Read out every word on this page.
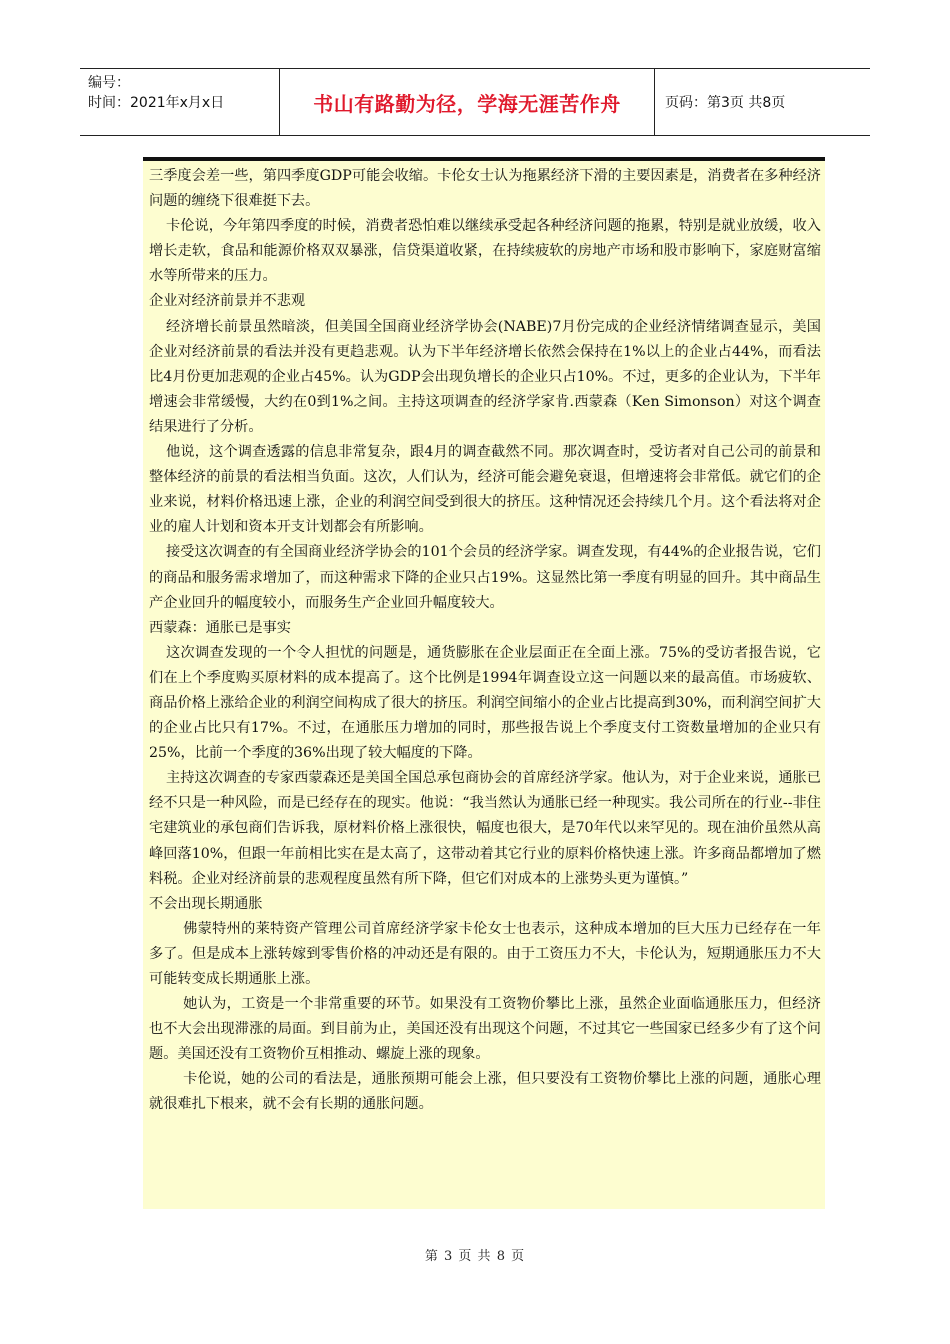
编号：
时间：2021年x月x日	书山有路勤为径，学海无涯苦作舟	页码：第3页 共8页

三季度会差一些，第四季度GDP可能会收缩。卡伦女士认为拖累经济下滑的主要因素是，消费者在多种经济问题的缠绕下很难挺下去。

卡伦说，今年第四季度的时候，消费者恐怕难以继续承受起各种经济问题的拖累，特别是就业放缓，收入增长走软，食品和能源价格双双暴涨，信贷渠道收紧，在持续疲软的房地产市场和股市影响下，家庭财富缩水等所带来的压力。

企业对经济前景并不悲观

经济增长前景虽然暗淡，但美国全国商业经济学协会(NABE)7月份完成的企业经济情绪调查显示，美国企业对经济前景的看法并没有更趋悲观。认为下半年经济增长依然会保持在1%以上的企业占44%，而看法比4月份更加悲观的企业占45%。认为GDP会出现负增长的企业只占10%。不过，更多的企业认为，下半年增速会非常缓慢，大约在0到1%之间。主持这项调查的经济学家肯.西蒙森（Ken Simonson）对这个调查结果进行了分析。

他说，这个调查透露的信息非常复杂，跟4月的调查截然不同。那次调查时，受访者对自己公司的前景和整体经济的前景的看法相当负面。这次，人们认为，经济可能会避免衰退，但增速将会非常低。就它们的企业来说，材料价格迅速上涨，企业的利润空间受到很大的挤压。这种情况还会持续几个月。这个看法将对企业的雇人计划和资本开支计划都会有所影响。

接受这次调查的有全国商业经济学协会的101个会员的经济学家。调查发现，有44%的企业报告说，它们的商品和服务需求增加了，而这种需求下降的企业只占19%。这显然比第一季度有明显的回升。其中商品生产企业回升的幅度较小，而服务生产企业回升幅度较大。

西蒙森：通胀已是事实

这次调查发现的一个令人担忧的问题是，通货膨胀在企业层面正在全面上涨。75%的受访者报告说，它们在上个季度购买原材料的成本提高了。这个比例是1994年调查设立这一问题以来的最高值。市场疲软、商品价格上涨给企业的利润空间构成了很大的挤压。利润空间缩小的企业占比提高到30%，而利润空间扩大的企业占比只有17%。不过，在通胀压力增加的同时，那些报告说上个季度支付工资数量增加的企业只有25%，比前一个季度的36%出现了较大幅度的下降。

主持这次调查的专家西蒙森还是美国全国总承包商协会的首席经济学家。他认为，对于企业来说，通胀已经不只是一种风险，而是已经存在的现实。他说：“我当然认为通胀已经一种现实。我公司所在的行业--非住宅建筑业的承包商们告诉我，原材料价格上涨很快，幅度也很大，是70年代以来罕见的。现在油价虽然从高峰回落10%，但跟一年前相比实在是太高了，这带动着其它行业的原料价格快速上涨。许多商品都增加了燃料税。企业对经济前景的悲观程度虽然有所下降，但它们对成本的上涨势头更为谨慎。”

不会出现长期通胀

佛蒙特州的莱特资产管理公司首席经济学家卡伦女士也表示，这种成本增加的巨大压力已经存在一年多了。但是成本上涨转嫁到零售价格的冲动还是有限的。由于工资压力不大，卡伦认为，短期通胀压力不大可能转变成长期通胀上涨。

她认为，工资是一个非常重要的环节。如果没有工资物价攀比上涨，虽然企业面临通胀压力，但经济也不大会出现滞涨的局面。到目前为止，美国还没有出现这个问题，不过其它一些国家已经多少有了这个问题。美国还没有工资物价互相推动、螺旋上涨的现象。

卡伦说，她的公司的看法是，通胀预期可能会上涨，但只要没有工资物价攀比上涨的问题，通胀心理就很难扎下根来，就不会有长期的通胀问题。

第 3 页 共 8 页
